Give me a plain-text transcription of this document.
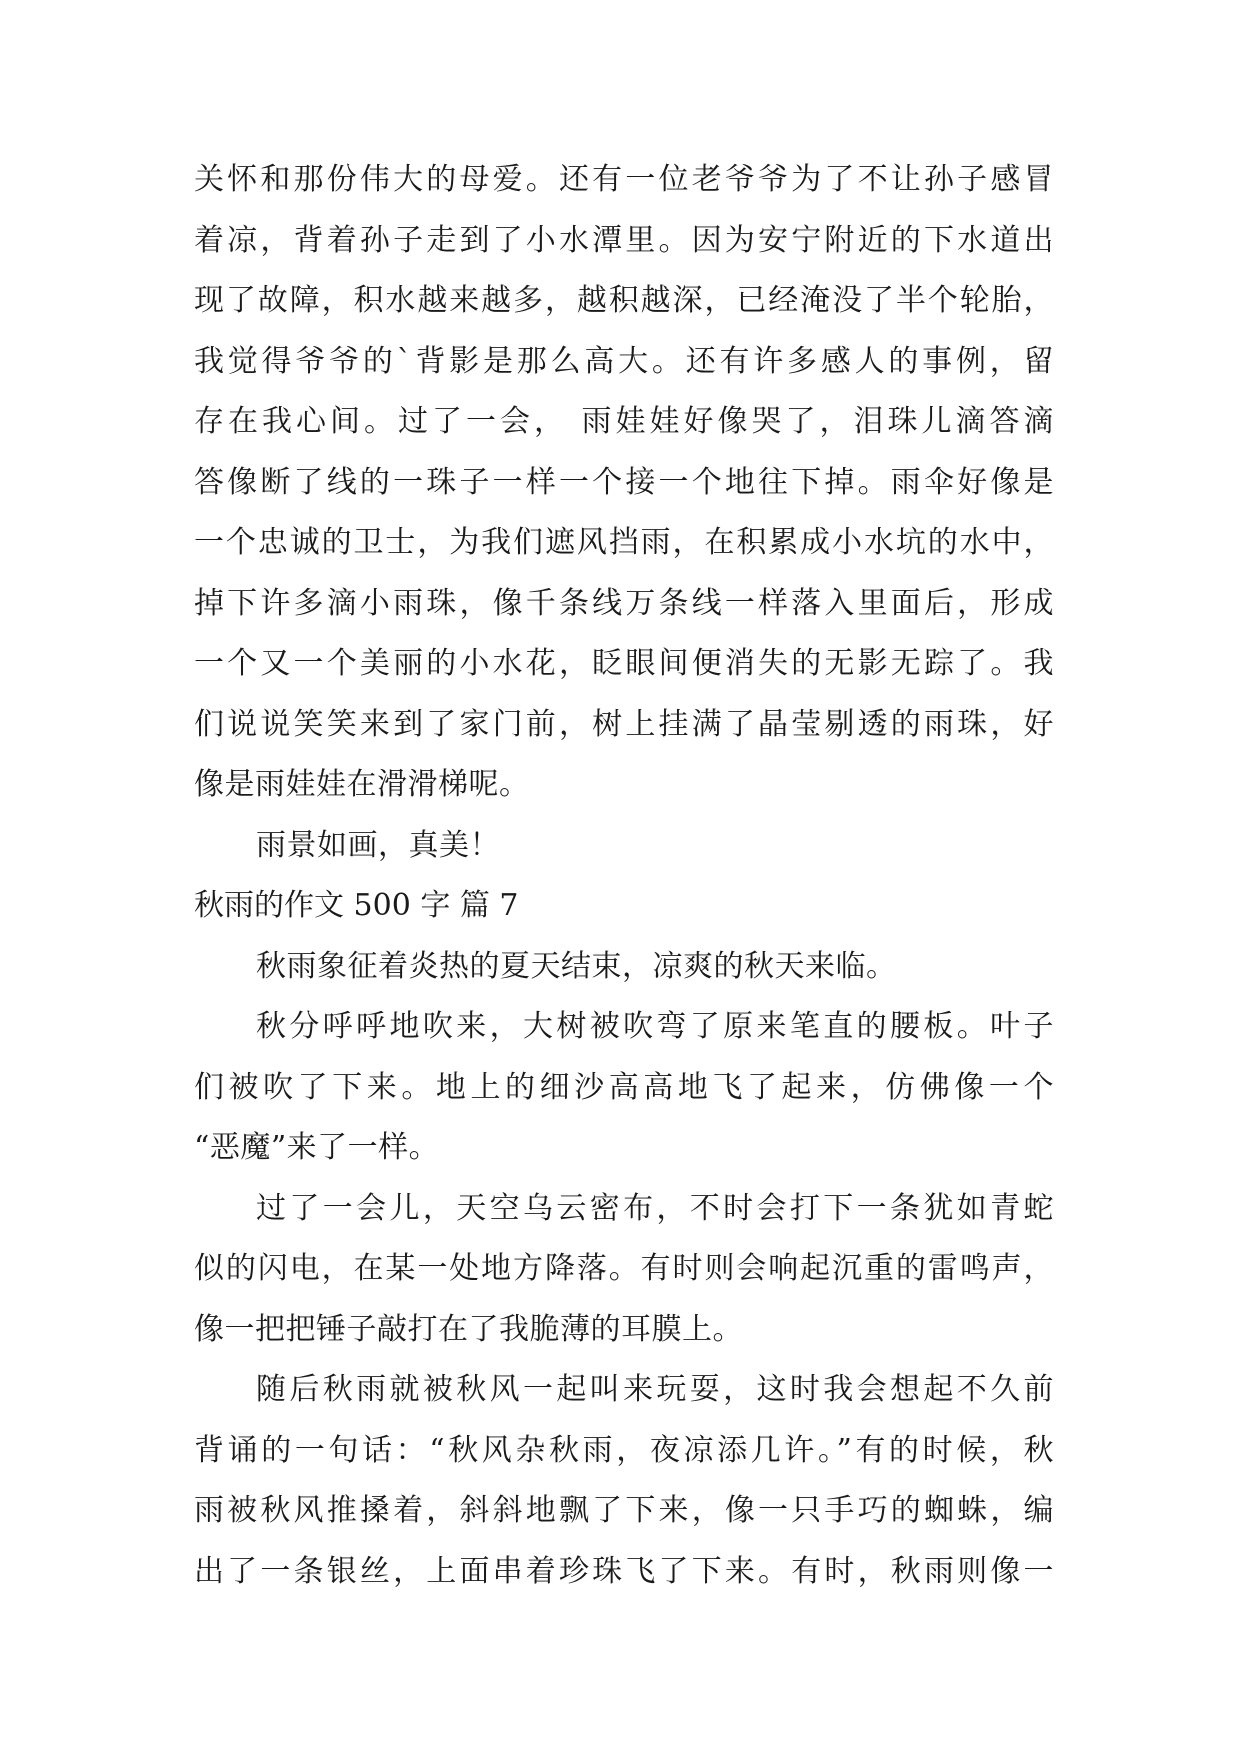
关怀和那份伟大的母爱。还有一位老爷爷为了不让孙子感冒
着凉，背着孙子走到了小水潭里。因为安宁附近的下水道出
现了故障，积水越来越多，越积越深，已经淹没了半个轮胎，
我觉得爷爷的`背影是那么高大。还有许多感人的事例，留
存在我心间。过了一会， 雨娃娃好像哭了，泪珠儿滴答滴
答像断了线的一珠子一样一个接一个地往下掉。雨伞好像是
一个忠诚的卫士，为我们遮风挡雨，在积累成小水坑的水中，
掉下许多滴小雨珠，像千条线万条线一样落入里面后，形成
一个又一个美丽的小水花，眨眼间便消失的无影无踪了。我
们说说笑笑来到了家门前，树上挂满了晶莹剔透的雨珠，好
像是雨娃娃在滑滑梯呢。
雨景如画，真美！
秋雨的作文 500 字 篇 7
秋雨象征着炎热的夏天结束，凉爽的秋天来临。
秋分呼呼地吹来，大树被吹弯了原来笔直的腰板。叶子
们被吹了下来。地上的细沙高高地飞了起来，仿佛像一个
“恶魔”来了一样。
过了一会儿，天空乌云密布，不时会打下一条犹如青蛇
似的闪电，在某一处地方降落。有时则会响起沉重的雷鸣声，
像一把把锤子敲打在了我脆薄的耳膜上。
随后秋雨就被秋风一起叫来玩耍，这时我会想起不久前
背诵的一句话：“秋风杂秋雨，夜凉添几许。”有的时候，秋
雨被秋风推搡着，斜斜地飘了下来，像一只手巧的蜘蛛，编
出了一条银丝，上面串着珍珠飞了下来。有时，秋雨则像一
